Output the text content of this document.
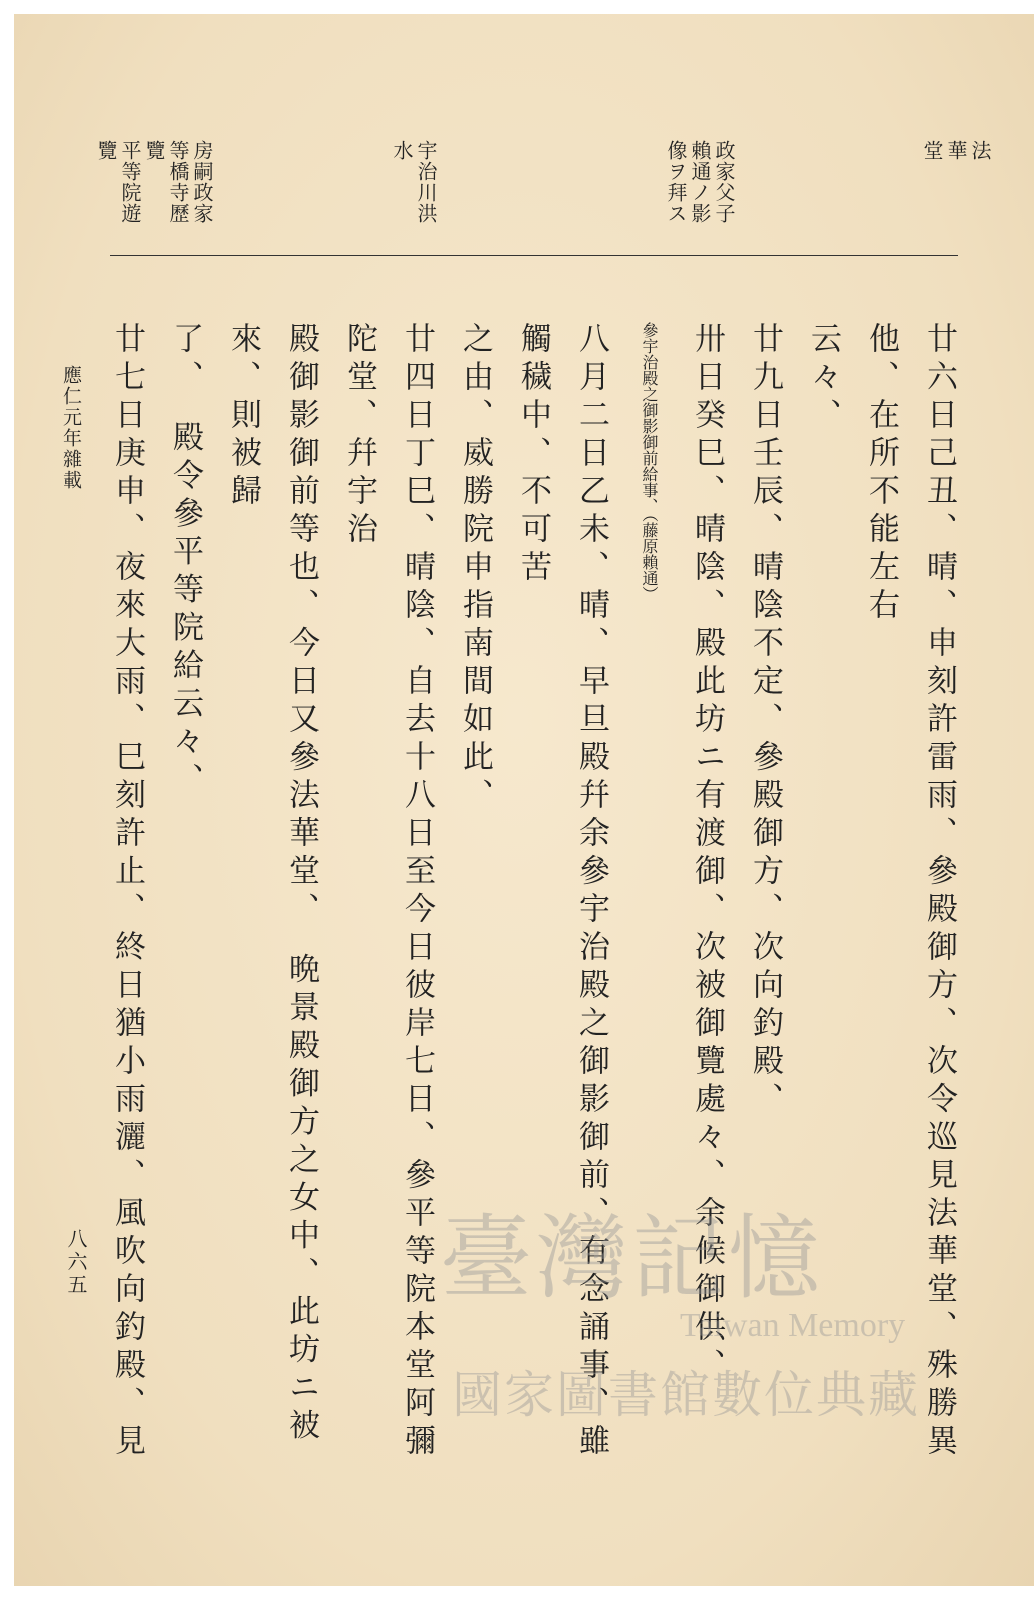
法
華
堂
政家父子
賴通ノ影
像ヲ拜ス
宇治川洪
水
房嗣政家
等橋寺歷
覽
平等院遊
覽
廿六日己丑、晴、申刻許雷雨、參殿御方、次令巡見法華堂、殊勝異他、在所不能左右
云々、
廿九日壬辰、晴陰不定、參殿御方、次向釣殿、
卅日癸巳、晴陰、殿此坊ニ有渡御、次被御覽處々、余候御供、
參宇治殿之御影御前給事、（藤原賴通）
八月二日乙未、晴、早旦殿幷余參宇治殿之御影御前、有念誦事、雖觸穢中、不可苦
之由、威勝院申指南間如此、
廿四日丁巳、晴陰、自去十八日至今日彼岸七日、參平等院本堂阿彌陀堂、幷宇治
殿御影御前等也、今日又參法華堂、　晩景殿御方之女中、此坊ニ被來、則被歸
了、　殿令參平等院給云々、
廿七日庚申、夜來大雨、巳刻許止、終日猶小雨灑、風吹向釣殿、見
應仁元年雜載
八六五	臺灣記憶
Taiwan Memory
國家圖書館數位典藏
